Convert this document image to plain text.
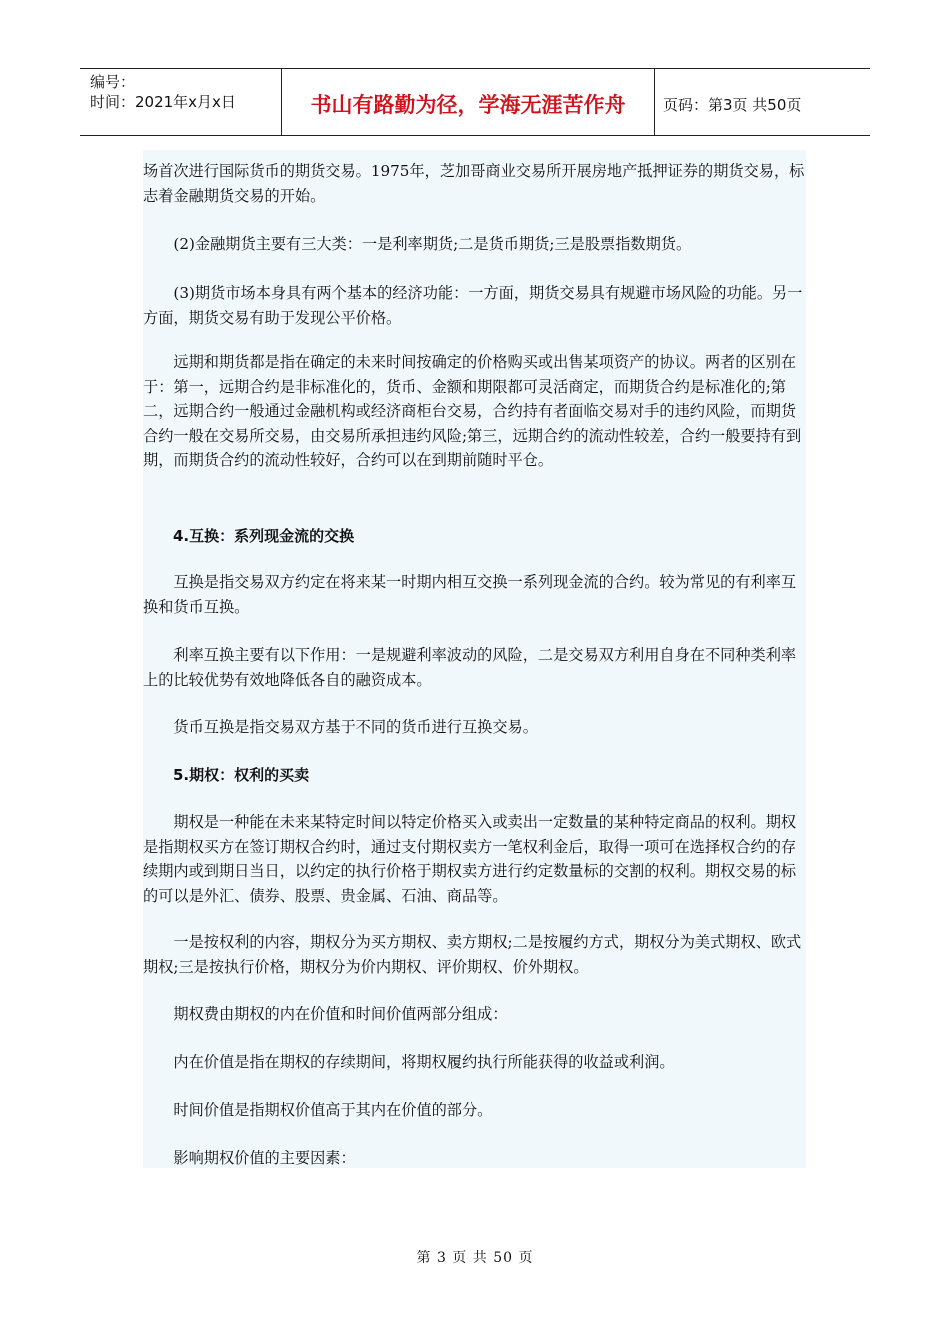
编号：
时间：2021年x月x日	书山有路勤为径，学海无涯苦作舟	页码：第3页 共50页

场首次进行国际货币的期货交易。1975年，芝加哥商业交易所开展房地产抵押证券的期货交易，标志着金融期货交易的开始。

(2)金融期货主要有三大类：一是利率期货;二是货币期货;三是股票指数期货。

(3)期货市场本身具有两个基本的经济功能：一方面，期货交易具有规避市场风险的功能。另一方面，期货交易有助于发现公平价格。

远期和期货都是指在确定的未来时间按确定的价格购买或出售某项资产的协议。两者的区别在于：第一，远期合约是非标准化的，货币、金额和期限都可灵活商定，而期货合约是标准化的;第二，远期合约一般通过金融机构或经济商柜台交易，合约持有者面临交易对手的违约风险，而期货合约一般在交易所交易，由交易所承担违约风险;第三，远期合约的流动性较差，合约一般要持有到期，而期货合约的流动性较好，合约可以在到期前随时平仓。

4.互换：系列现金流的交换

互换是指交易双方约定在将来某一时期内相互交换一系列现金流的合约。较为常见的有利率互换和货币互换。

利率互换主要有以下作用：一是规避利率波动的风险，二是交易双方利用自身在不同种类利率上的比较优势有效地降低各自的融资成本。

货币互换是指交易双方基于不同的货币进行互换交易。

5.期权：权利的买卖

期权是一种能在未来某特定时间以特定价格买入或卖出一定数量的某种特定商品的权利。期权是指期权买方在签订期权合约时，通过支付期权卖方一笔权利金后，取得一项可在选择权合约的存续期内或到期日当日，以约定的执行价格于期权卖方进行约定数量标的交割的权利。期权交易的标的可以是外汇、债券、股票、贵金属、石油、商品等。

一是按权利的内容，期权分为买方期权、卖方期权;二是按履约方式，期权分为美式期权、欧式期权;三是按执行价格，期权分为价内期权、评价期权、价外期权。

期权费由期权的内在价值和时间价值两部分组成：

内在价值是指在期权的存续期间，将期权履约执行所能获得的收益或利润。

时间价值是指期权价值高于其内在价值的部分。

影响期权价值的主要因素：

第 3 页 共 50 页
